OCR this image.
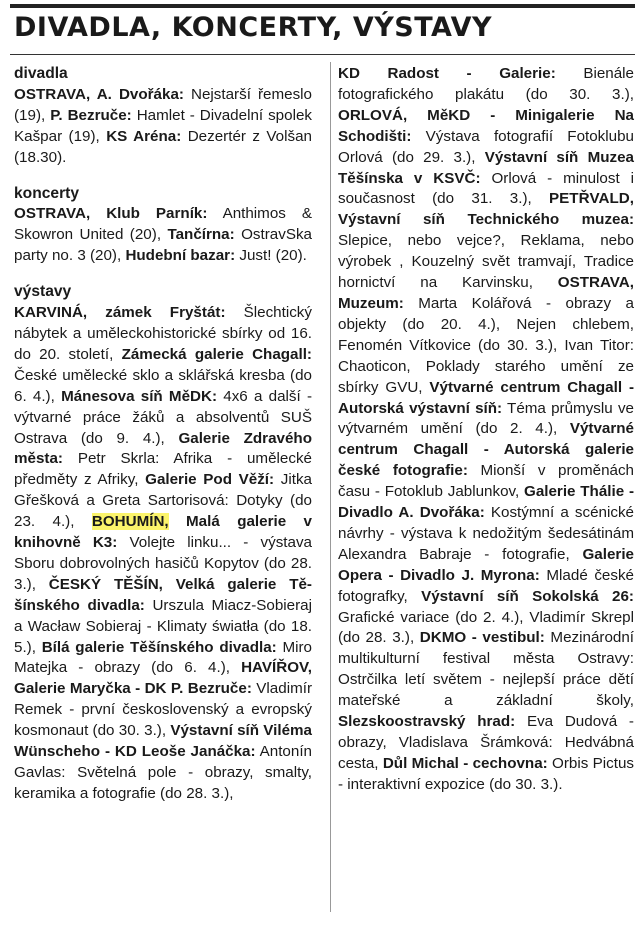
DIVADLA, KONCERTY, VÝSTAVY
divadla

OSTRAVA, A. Dvořáka: Nejstarší řemeslo (19), P. Bezruče: Hamlet - Divadelní spolek Kašpar (19), KS Aréna: Dezertér z Volšan (18.30).

koncerty

OSTRAVA, Klub Parník: Anthimos & Skowron United (20), Tančírna: OstravSka party no. 3 (20), Hudební bazar: Just! (20).

výstavy

KARVINÁ, zámek Fryštát: Šlechtický nábytek a uměleckohistorické sbírky od 16. do 20. století, Zámecká galerie Chagall: České umělecké sklo a sklářská kresba (do 6. 4.), Mánesova síň MěDK: 4x6 a další - výtvarné práce žáků a absolventů SUŠ Ostrava (do 9. 4.), Galerie Zdravého města: Petr Skrla: Afrika - umělecké předměty z Afriky, Galerie Pod Věží: Jitka Gřešková a Greta Sartorisová: Dotyky (do 23. 4.), BOHUMÍN, Malá galerie v knihovně K3: Volejte linku... - výstava Sboru dobrovolných hasičů Kopytov (do 28. 3.), ČESKÝ TĚŠÍN, Velká galerie Těšínského divadla: Urszula Miacz-Sobieraj a Wacław Sobieraj - Klimaty światła (do 18. 5.), Bílá galerie Těšínského divadla: Miro Matejka - obrazy (do 6. 4.), HAVÍŘOV, Galerie Maryčka - DK P. Bezruče: Vladimír Remek - první československý a evropský kosmonaut (do 30. 3.), Výstavní síň Viléma Wünscheho - KD Leoše Janáčka: Antonín Gavlas: Světelná pole - obrazy, smalty, keramika a fotografie (do 28. 3.),

KD Radost - Galerie: Bienále fotografického plakátu (do 30. 3.), ORLOVÁ, MěKD - Minigalerie Na Schodišti: Výstava fotografií Fotoklubu Orlová (do 29. 3.), Výstavní síň Muzea Těšínska v KSVČ: Orlová - minulost i současnost (do 31. 3.), PETŘVALD, Výstavní síň Technického muzea: Slepice, nebo vejce?, Reklama, nebo výrobek , Kouzelný svět tramvají, Tradice hornictví na Karvinsku, OSTRAVA, Muzeum: Marta Kolářová - obrazy a objekty (do 20. 4.), Nejen chlebem, Fenomén Vítkovice (do 30. 3.), Ivan Titor: Chaoticon, Poklady starého umění ze sbírky GVU, Výtvarné centrum Chagall - Autorská výstavní síň: Téma průmyslu ve výtvarném umění (do 2. 4.), Výtvarné centrum Chagall - Autorská galerie české fotografie: Mionší v proměnách času - Fotoklub Jablunkov, Galerie Thálie - Divadlo A. Dvořáka: Kostýmní a scénické návrhy - výstava k nedožitým šedesátinám Alexandra Babraje - fotografie, Galerie Opera - Divadlo J. Myrona: Mladé české fotografky, Výstavní síň Sokolská 26: Grafické variace (do 2. 4.), Vladimír Skrepl (do 28. 3.), DKMO - vestibul: Mezinárodní multikulturní festival města Ostravy: Ostrčilka letí světem - nejlepší práce dětí mateřské a základní školy, Slezskoostravský hrad: Eva Dudová - obrazy, Vladislava Šrámková: Hedvábná cesta, Důl Michal - cechovna: Orbis Pictus - interaktivní expozice (do 30. 3.).
